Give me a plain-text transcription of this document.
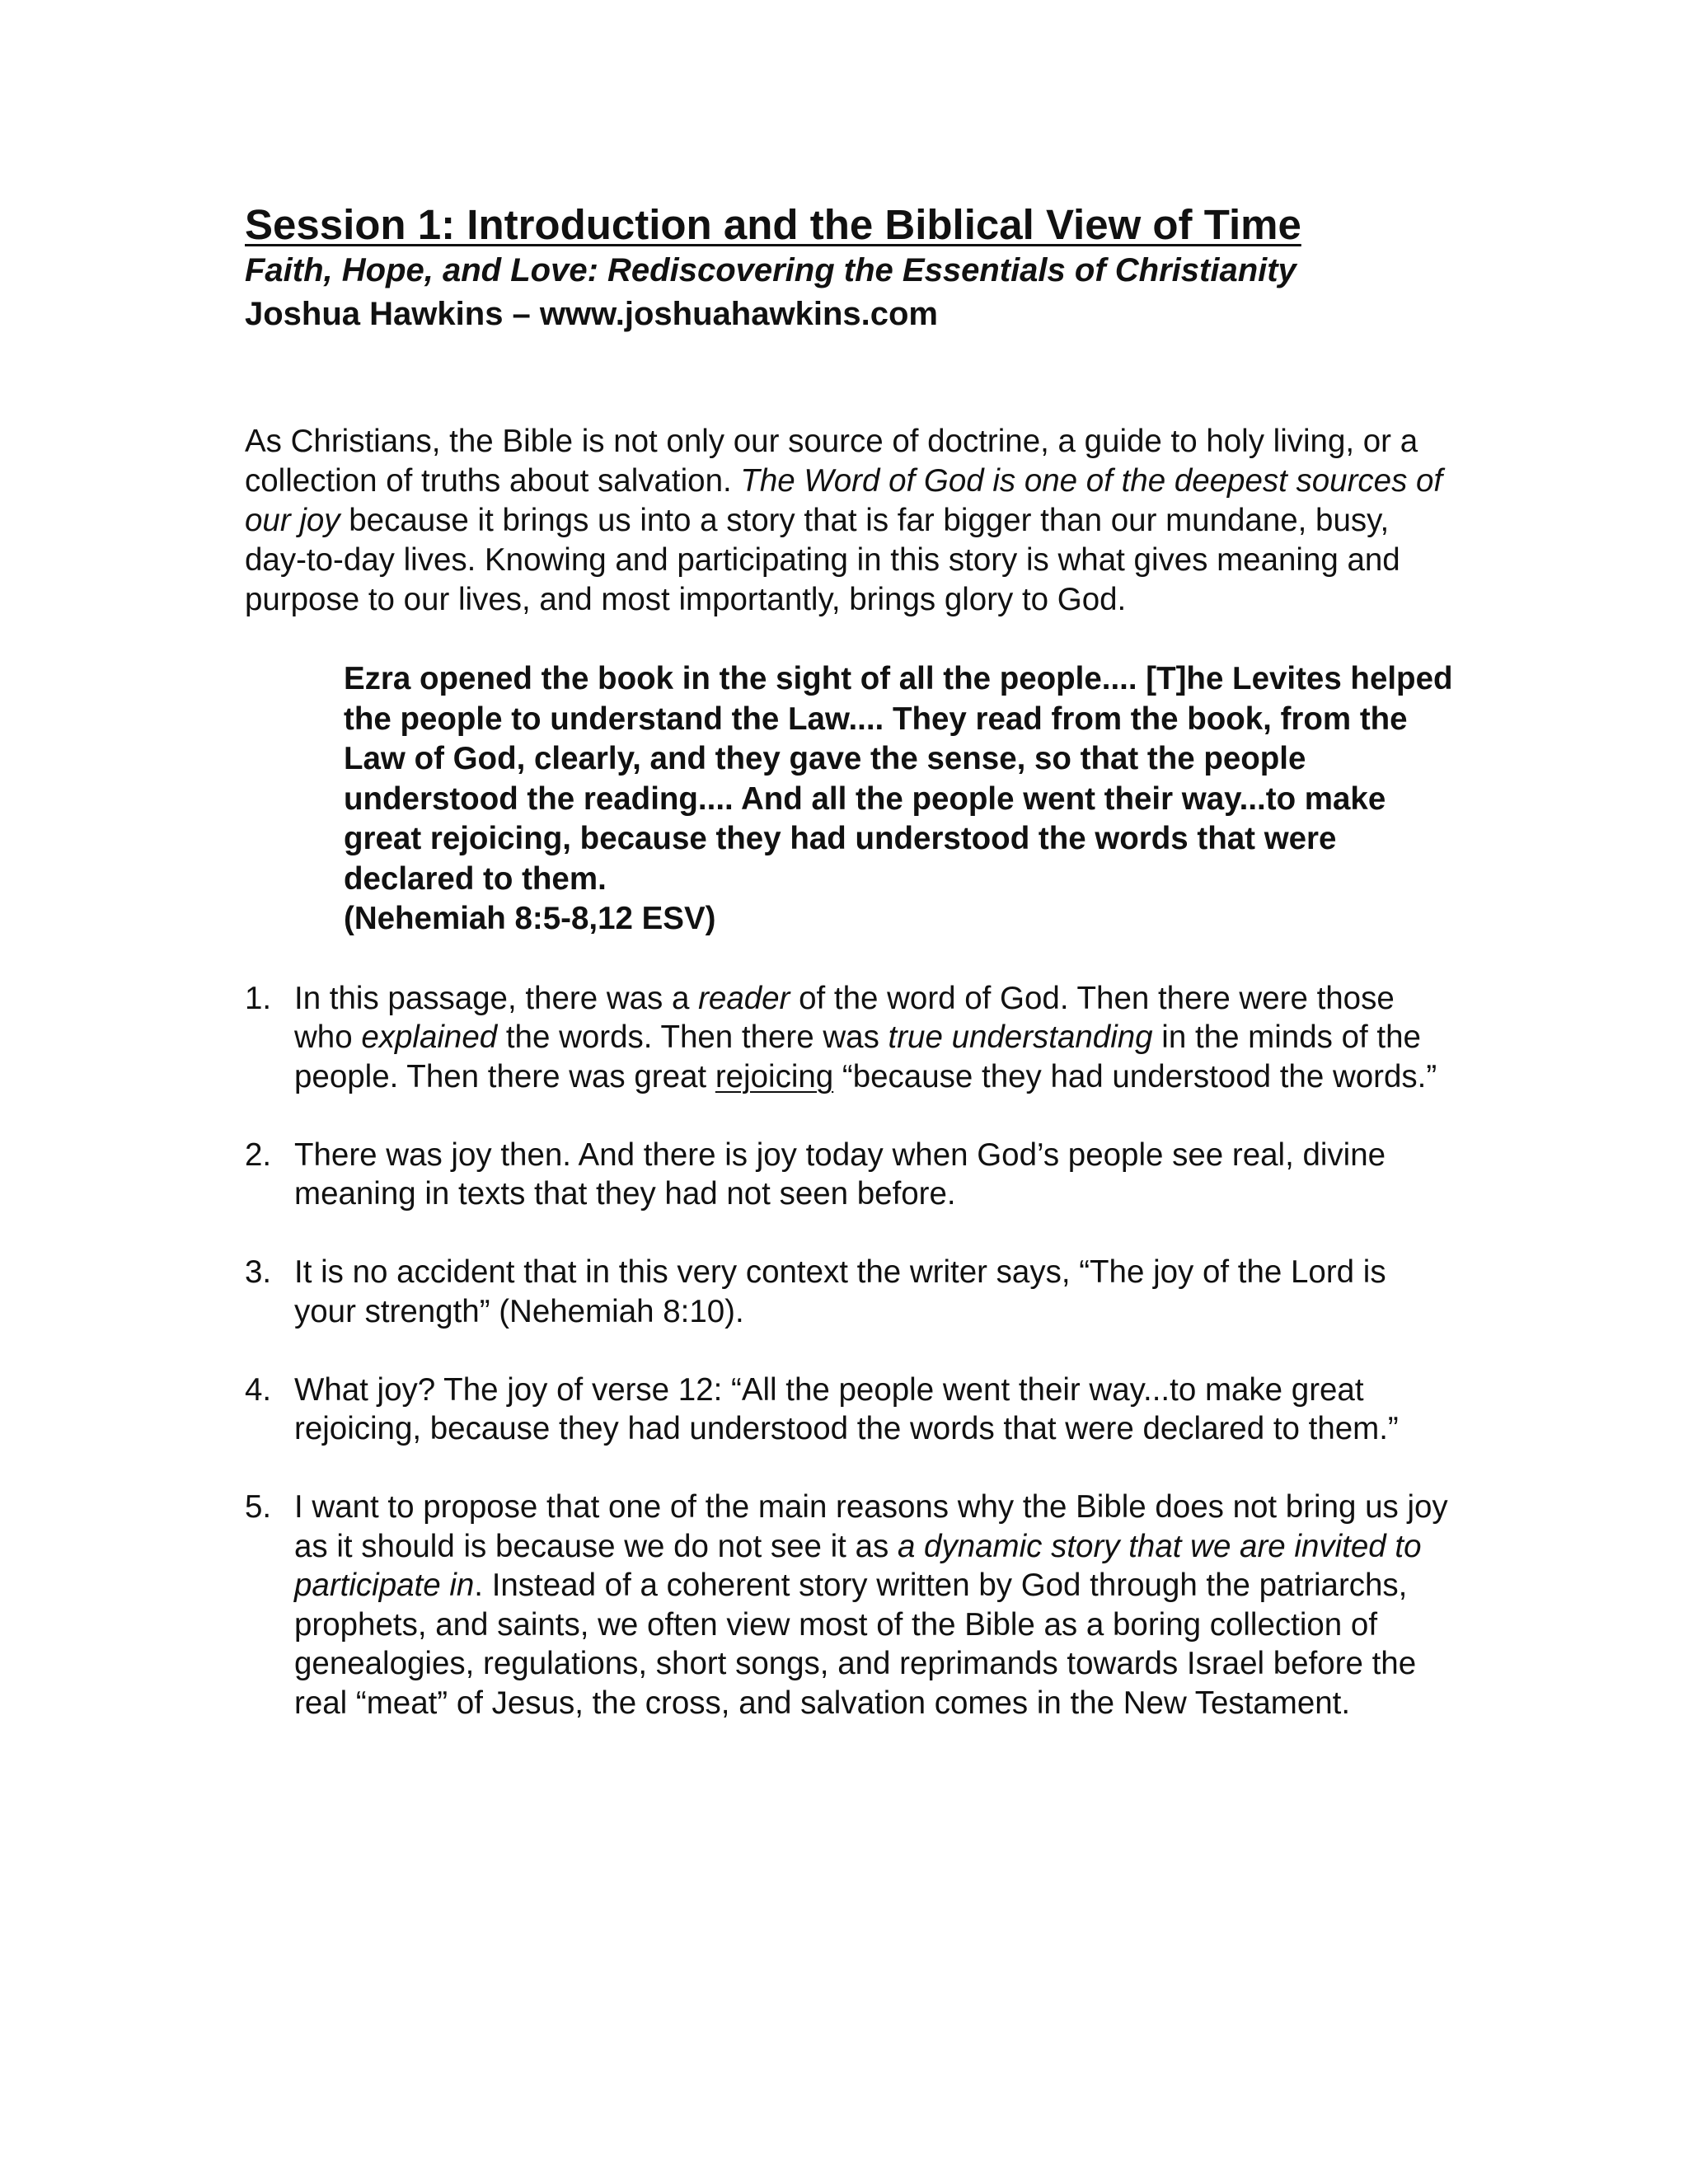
Session 1: Introduction and the Biblical View of Time

Faith, Hope, and Love: Rediscovering the Essentials of Christianity

Joshua Hawkins – www.joshuahawkins.com

As Christians, the Bible is not only our source of doctrine, a guide to holy living, or a collection of truths about salvation. The Word of God is one of the deepest sources of our joy because it brings us into a story that is far bigger than our mundane, busy, day-to-day lives. Knowing and participating in this story is what gives meaning and purpose to our lives, and most importantly, brings glory to God.

Ezra opened the book in the sight of all the people.... [T]he Levites helped the people to understand the Law.... They read from the book, from the Law of God, clearly, and they gave the sense, so that the people understood the reading.... And all the people went their way...to make great rejoicing, because they had understood the words that were declared to them.

(Nehemiah 8:5-8,12 ESV)

1. In this passage, there was a reader of the word of God. Then there were those who explained the words. Then there was true understanding in the minds of the people. Then there was great rejoicing “because they had understood the words.”
2. There was joy then. And there is joy today when God’s people see real, divine meaning in texts that they had not seen before.
3. It is no accident that in this very context the writer says, “The joy of the Lord is your strength” (Nehemiah 8:10).
4. What joy? The joy of verse 12: “All the people went their way...to make great rejoicing, because they had understood the words that were declared to them.”
5. I want to propose that one of the main reasons why the Bible does not bring us joy as it should is because we do not see it as a dynamic story that we are invited to participate in. Instead of a coherent story written by God through the patriarchs, prophets, and saints, we often view most of the Bible as a boring collection of genealogies, regulations, short songs, and reprimands towards Israel before the real “meat” of Jesus, the cross, and salvation comes in the New Testament.
